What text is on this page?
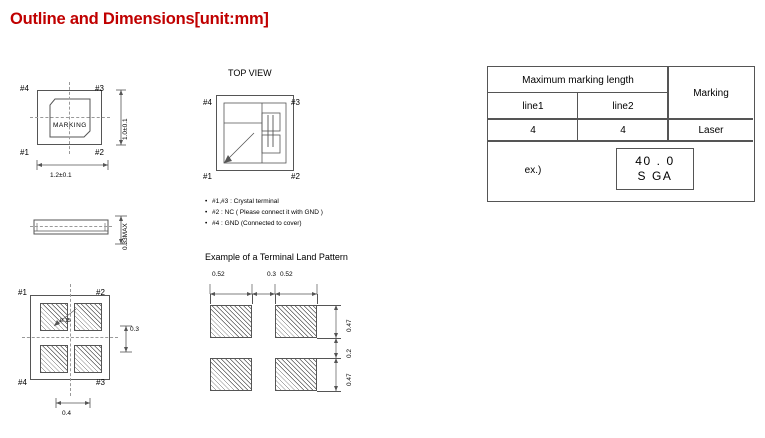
Outline and Dimensions[unit:mm]
MARKING
#4	#3
#1	#2
1.2±0.1
1.0±0.1
0.33MAX
0.15
#1	#2
#4	#3
0.3
0.4
TOP VIEW
#4	#3
#1	#2
• #1,#3 : Crystal terminal
• #2 : NC ( Please connect it with GND )
• #4 : GND (Connected to cover)
Example of a Terminal Land Pattern
0.52	0.3 0.52
0.47
0.2
0.47
Maximum marking length
Marking
line1	line2
4	4	Laser
ex.)
40 . 0
S GA
